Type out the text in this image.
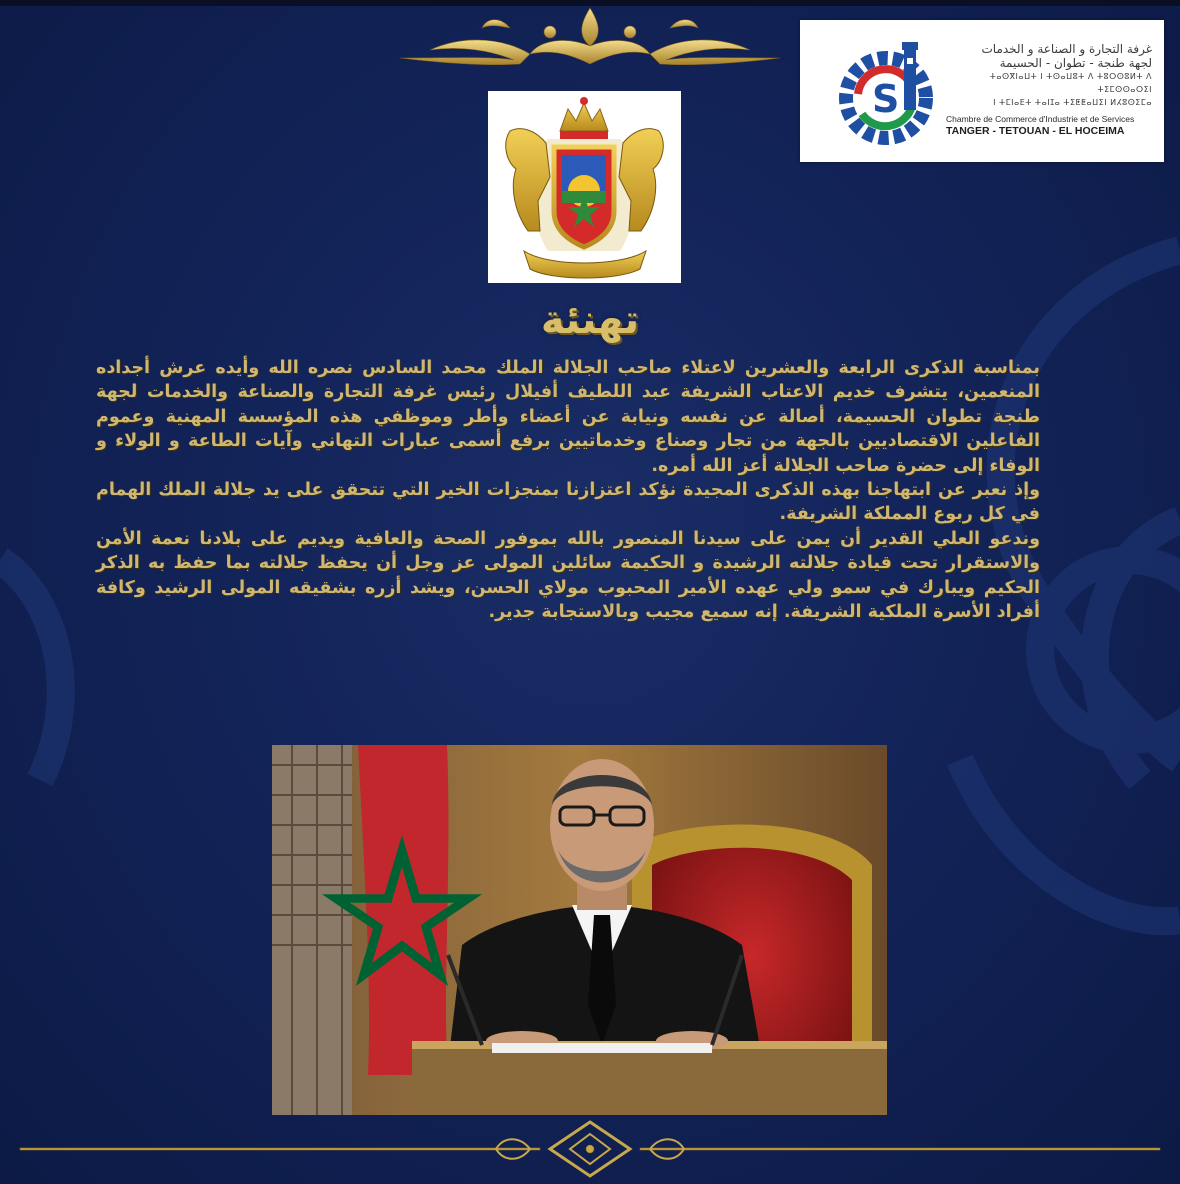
S
غرفة التجارة و الصناعة و الخدمات
لجهة طنجة - تطوان - الحسيمة
ⵜⴰⵙⴳⵏⴰⵡⵜ ⵏ ⵜⵙⴰⵡⵓⵜ ⴷ ⵜⵓⵔⵙⵓⵍⵜ ⴷ ⵜⵉⵎⵙⵙⴰⵔⵉⵏ
ⵏ ⵜⵎⵏⴰⴹⵜ ⵜⴰⵏⵊⴰ ⵜⵉⵟⵟⴰⵡⵉⵏ ⵍⵃⵓⵙⵉⵎⴰ
Chambre de Commerce d'Industrie et de Services
TANGER - TETOUAN - EL HOCEIMA
تهنئة

بمناسبة الذكرى الرابعة والعشرين لاعتلاء صاحب الجلالة الملك محمد السادس نصره الله وأيده عرش أجداده المنعمين، يتشرف خديم الاعتاب الشريفة عبد اللطيف أفيلال رئيس غرفة التجارة والصناعة والخدمات لجهة طنجة تطوان الحسيمة، أصالة عن نفسه ونيابة عن أعضاء وأطر وموظفي هذه المؤسسة المهنية وعموم الفاعلين الاقتصاديين بالجهة من تجار وصناع وخدماتيين برفع أسمى عبارات التهاني وآيات الطاعة و الولاء و الوفاء إلى حضرة صاحب الجلالة أعز الله أمره.

وإذ نعبر عن ابتهاجنا بهذه الذكرى المجيدة نؤكد اعتزازنا بمنجزات الخير التي تتحقق على يد جلالة الملك الهمام في كل ربوع المملكة الشريفة.

وندعو العلي القدير أن يمن على سيدنا المنصور بالله بموفور الصحة والعافية ويديم على بلادنا نعمة الأمن والاستقرار تحت قيادة جلالته الرشيدة و الحكيمة سائلين المولى عز وجل أن يحفظ جلالته بما حفظ به الذكر الحكيم ويبارك في سمو ولي عهده الأمير المحبوب مولاي الحسن، ويشد أزره بشقيقه المولى الرشيد وكافة أفراد الأسرة الملكية الشريفة. إنه سميع مجيب وبالاستجابة جدير.
